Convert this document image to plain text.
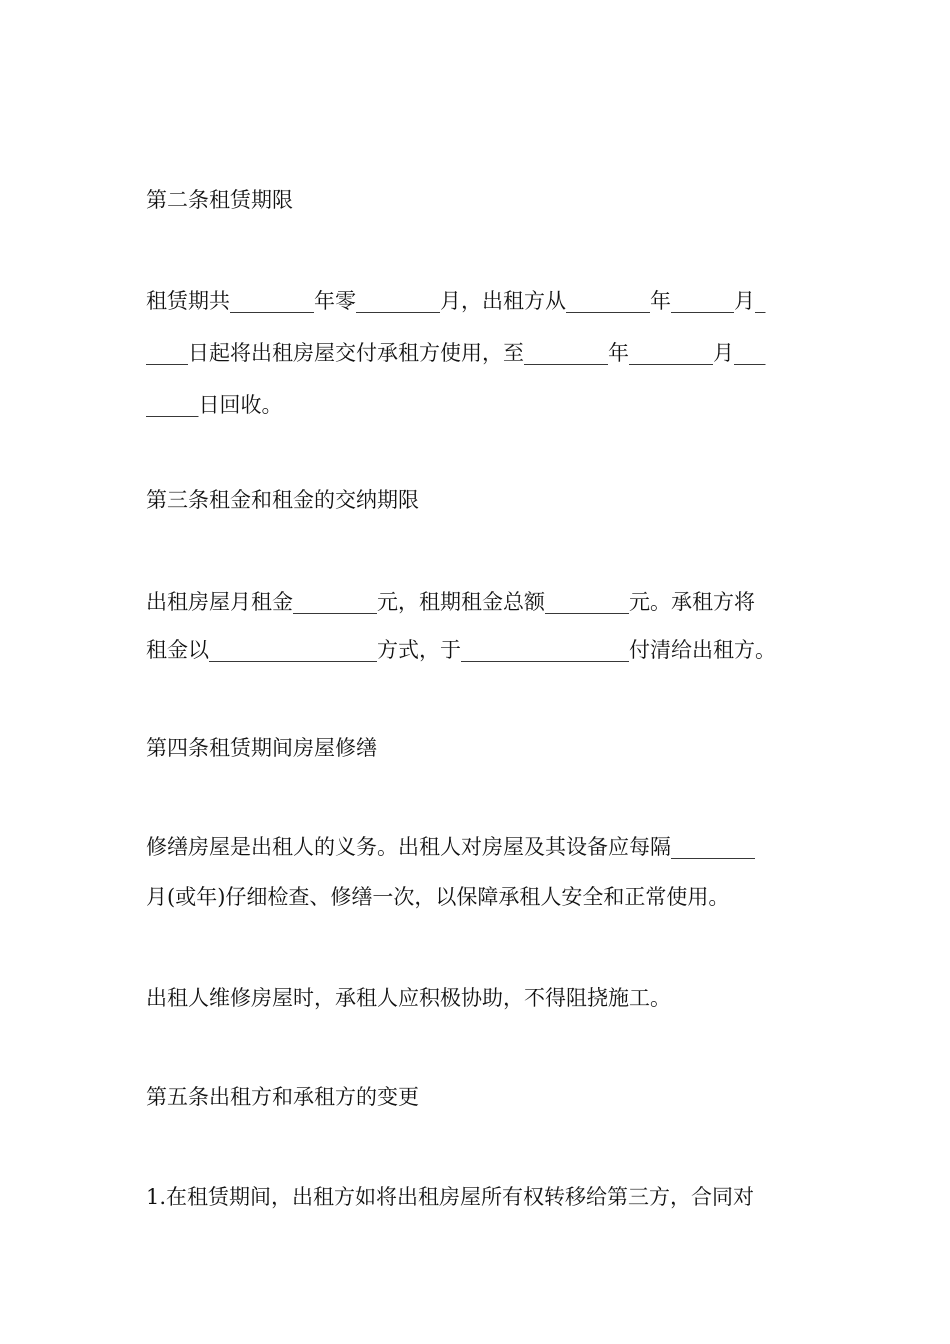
第二条租赁期限
租赁期共________年零________月，出租方从________年______月_
____日起将出租房屋交付承租方使用，至________年________月___
_____日回收。
第三条租金和租金的交纳期限
出租房屋月租金________元，租期租金总额________元。承租方将
租金以________________方式，于________________付清给出租方。
第四条租赁期间房屋修缮
修缮房屋是出租人的义务。出租人对房屋及其设备应每隔________
月(或年)仔细检查、修缮一次，以保障承租人安全和正常使用。
出租人维修房屋时，承租人应积极协助，不得阻挠施工。
第五条出租方和承租方的变更
1.在租赁期间，出租方如将出租房屋所有权转移给第三方，合同对
